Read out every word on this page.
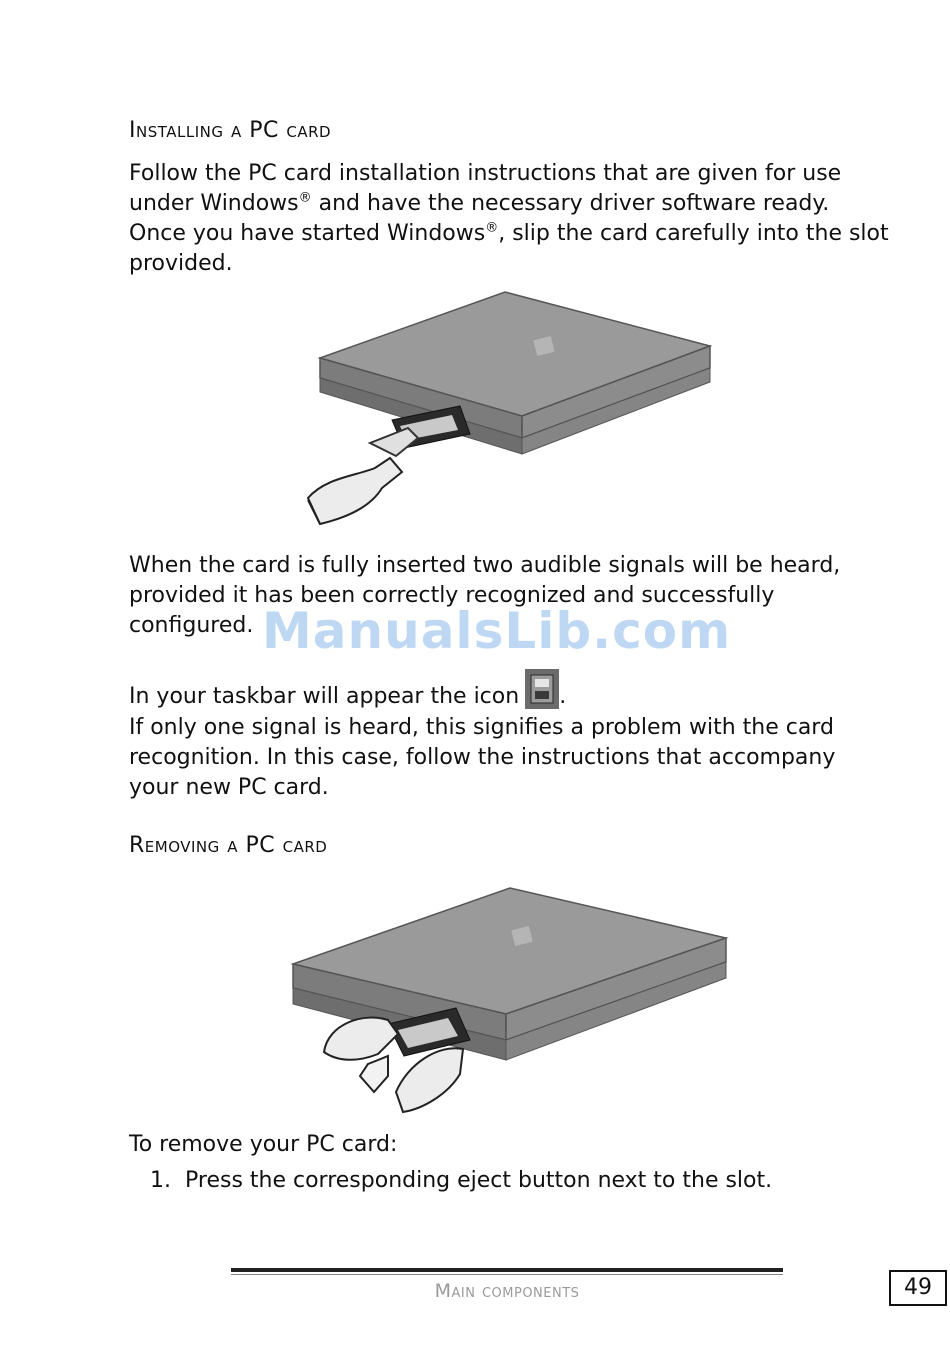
Installing a PC card

Follow the PC card installation instructions that are given for use under Windows® and have the necessary driver software ready. Once you have started Windows®, slip the card carefully into the slot provided.

When the card is fully inserted two audible signals will be heard, provided it has been correctly recognized and successfully configured. ManualsLib.com

In your taskbar will appear the icon .

If only one signal is heard, this signifies a problem with the card recognition. In this case, follow the instructions that accompany your new PC card.

Removing a PC card

To remove your PC card:

1. Press the corresponding eject button next to the slot.
Main components	49
